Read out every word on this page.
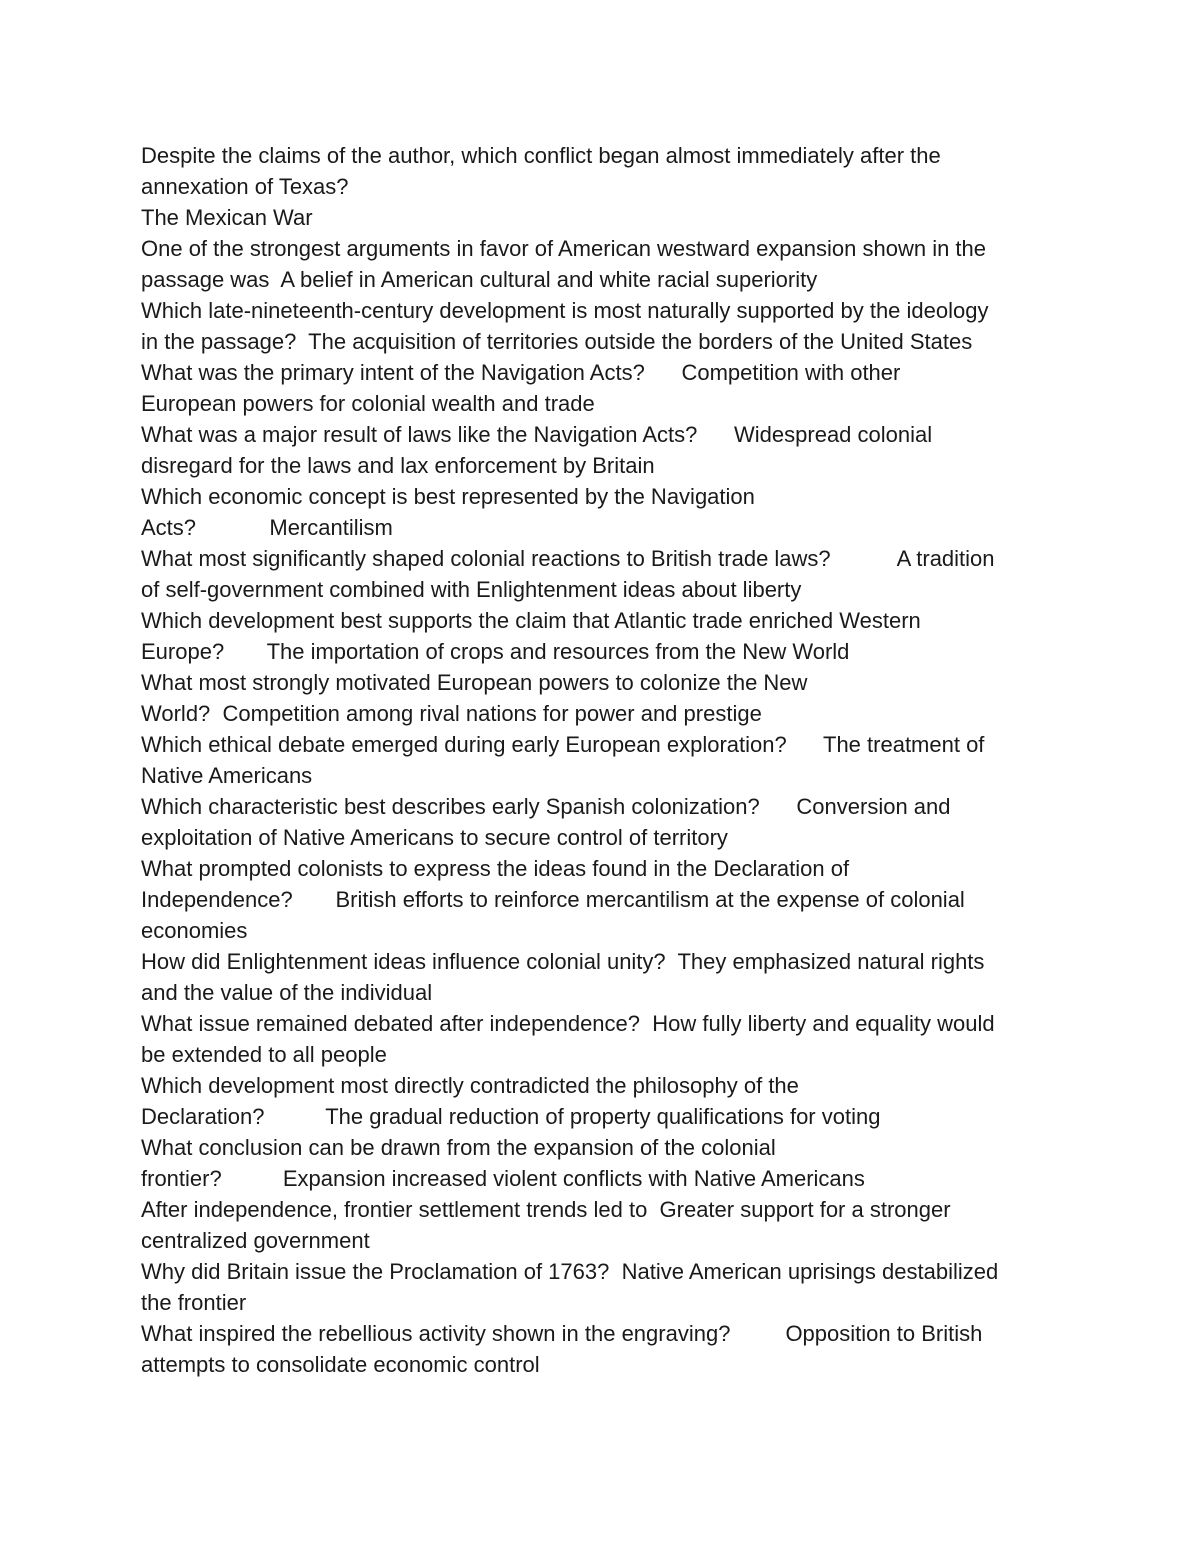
Despite the claims of the author, which conflict began almost immediately after the
annexation of Texas?
The Mexican War
One of the strongest arguments in favor of American westward expansion shown in the
passage was  A belief in American cultural and white racial superiority
Which late-nineteenth-century development is most naturally supported by the ideology
in the passage?  The acquisition of territories outside the borders of the United States
What was the primary intent of the Navigation Acts?      Competition with other
European powers for colonial wealth and trade
What was a major result of laws like the Navigation Acts?      Widespread colonial
disregard for the laws and lax enforcement by Britain
Which economic concept is best represented by the Navigation
Acts?            Mercantilism
What most significantly shaped colonial reactions to British trade laws?           A tradition
of self-government combined with Enlightenment ideas about liberty
Which development best supports the claim that Atlantic trade enriched Western
Europe?       The importation of crops and resources from the New World
What most strongly motivated European powers to colonize the New
World?  Competition among rival nations for power and prestige
Which ethical debate emerged during early European exploration?      The treatment of
Native Americans
Which characteristic best describes early Spanish colonization?      Conversion and
exploitation of Native Americans to secure control of territory
What prompted colonists to express the ideas found in the Declaration of
Independence?       British efforts to reinforce mercantilism at the expense of colonial
economies
How did Enlightenment ideas influence colonial unity?  They emphasized natural rights
and the value of the individual
What issue remained debated after independence?  How fully liberty and equality would
be extended to all people
Which development most directly contradicted the philosophy of the
Declaration?          The gradual reduction of property qualifications for voting
What conclusion can be drawn from the expansion of the colonial
frontier?          Expansion increased violent conflicts with Native Americans
After independence, frontier settlement trends led to  Greater support for a stronger
centralized government
Why did Britain issue the Proclamation of 1763?  Native American uprisings destabilized
the frontier
What inspired the rebellious activity shown in the engraving?         Opposition to British
attempts to consolidate economic control
